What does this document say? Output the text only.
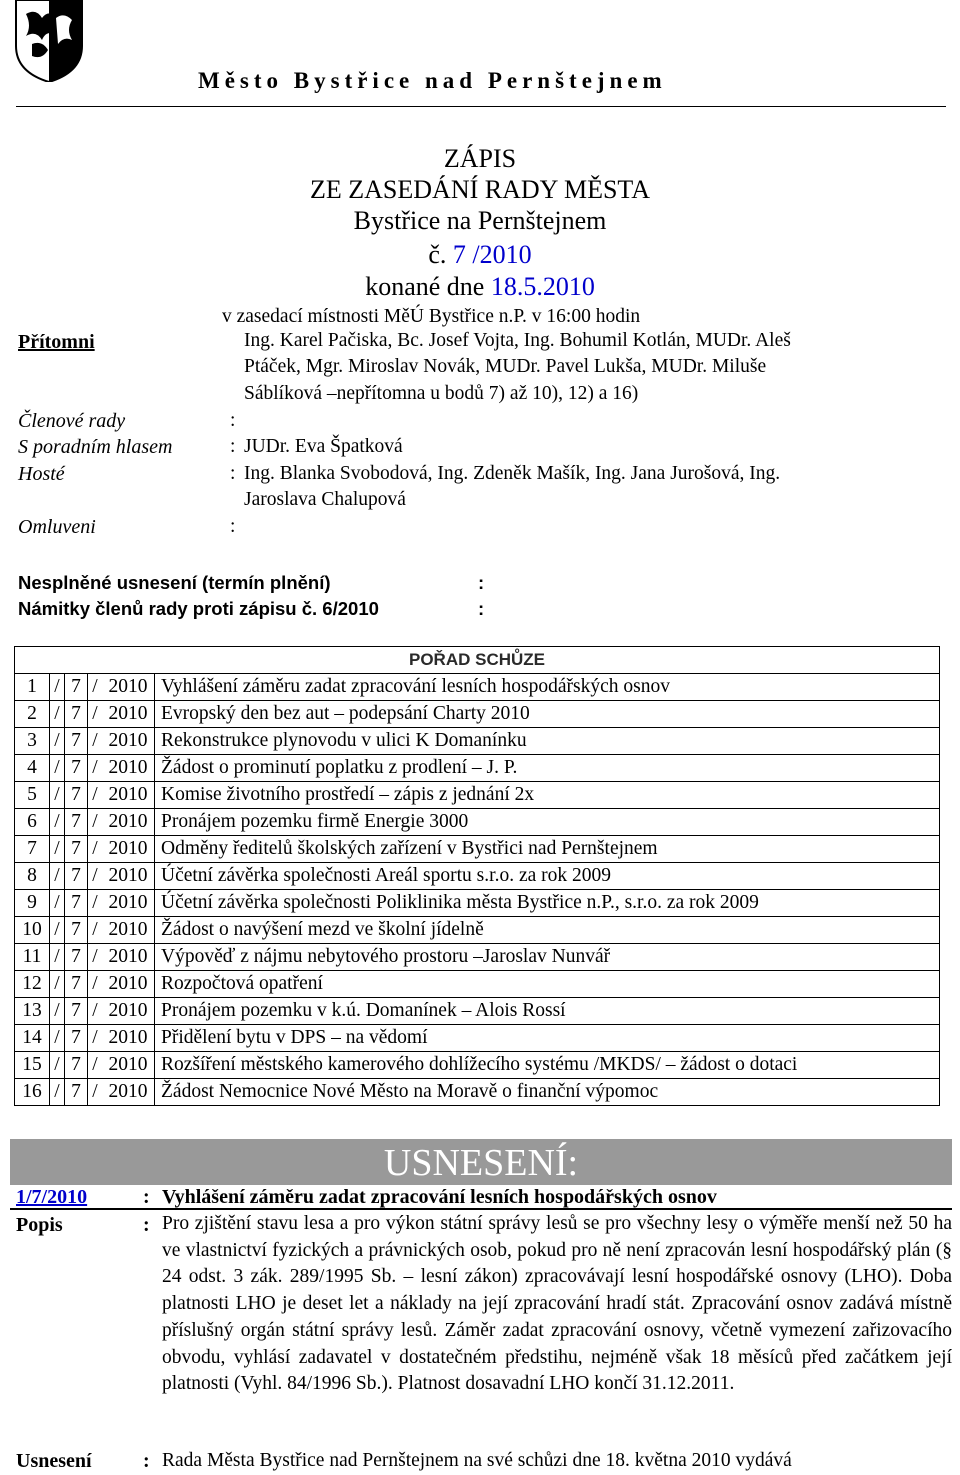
Město Bystřice nad Pernštejnem
ZÁPIS
ZE ZASEDÁNÍ RADY MĚSTA
Bystřice na Pernštejnem
č. 7 /2010
konané dne 18.5.2010
v zasedací místnosti MěÚ Bystřice n.P. v 16:00 hodin
Přítomni	Ing. Karel Pačiska, Bc. Josef Vojta, Ing. Bohumil Kotlán, MUDr. Aleš
Ptáček, Mgr. Miroslav Novák, MUDr. Pavel Lukša, MUDr. Miluše
Sáblíková –nepřítomna u bodů 7) až 10), 12) a 16)
Členové rady	:
S poradním hlasem	: JUDr. Eva Špatková
Hosté	: Ing. Blanka Svobodová, Ing. Zdeněk Mašík, Ing. Jana Jurošová, Ing.
Jaroslava Chalupová
Omluveni	:
Nesplněné usnesení (termín plnění)	:
Námitky členů rady proti zápisu č. 6/2010	:
POŘAD SCHŮZE					
1	/	7	/	2010	Vyhlášení záměru zadat zpracování lesních hospodářských osnov
2	/	7	/	2010	Evropský den bez aut – podepsání Charty 2010
3	/	7	/	2010	Rekonstrukce plynovodu v ulici K Domanínku
4	/	7	/	2010	Žádost o prominutí poplatku z prodlení – J. P.
5	/	7	/	2010	Komise životního prostředí – zápis z jednání 2x
6	/	7	/	2010	Pronájem pozemku firmě Energie 3000
7	/	7	/	2010	Odměny ředitelů školských zařízení v Bystřici nad Pernštejnem
8	/	7	/	2010	Účetní závěrka společnosti Areál sportu s.r.o. za rok 2009
9	/	7	/	2010	Účetní závěrka společnosti Poliklinika města Bystřice n.P., s.r.o. za rok 2009
10	/	7	/	2010	Žádost o navýšení mezd ve školní jídelně
11	/	7	/	2010	Výpověď z nájmu nebytového prostoru –Jaroslav Nunvář
12	/	7	/	2010	Rozpočtová opatření
13	/	7	/	2010	Pronájem pozemku v k.ú. Domanínek – Alois Rossí
14	/	7	/	2010	Přidělení bytu v DPS – na vědomí
15	/	7	/	2010	Rozšíření městského kamerového dohlížecího systému /MKDS/ – žádost o dotaci
16	/	7	/	2010	Žádost Nemocnice Nové Město na Moravě o finanční výpomoc
USNESENÍ:
1/7/2010	: Vyhlášení záměru zadat zpracování lesních hospodářských osnov
Popis	: Pro zjištění stavu lesa a pro výkon státní správy lesů se pro všechny lesy o výměře menší než 50 ha ve vlastnictví fyzických a právnických osob, pokud pro ně není zpracován lesní hospodářský plán (§ 24 odst. 3 zák. 289/1995 Sb. – lesní zákon) zpracovávají lesní hospodářské osnovy (LHO). Doba platnosti LHO je deset let a náklady na její zpracování hradí stát. Zpracování osnov zadává místně příslušný orgán státní správy lesů. Záměr zadat zpracování osnovy, včetně vymezení zařizovacího obvodu, vyhlásí zadavatel v dostatečném předstihu, nejméně však 18 měsíců před začátkem její platnosti (Vyhl. 84/1996 Sb.). Platnost dosavadní LHO končí 31.12.2011.

Usnesení	: Rada Města Bystřice nad Pernštejnem na své schůzi dne 18. května 2010 vydává
